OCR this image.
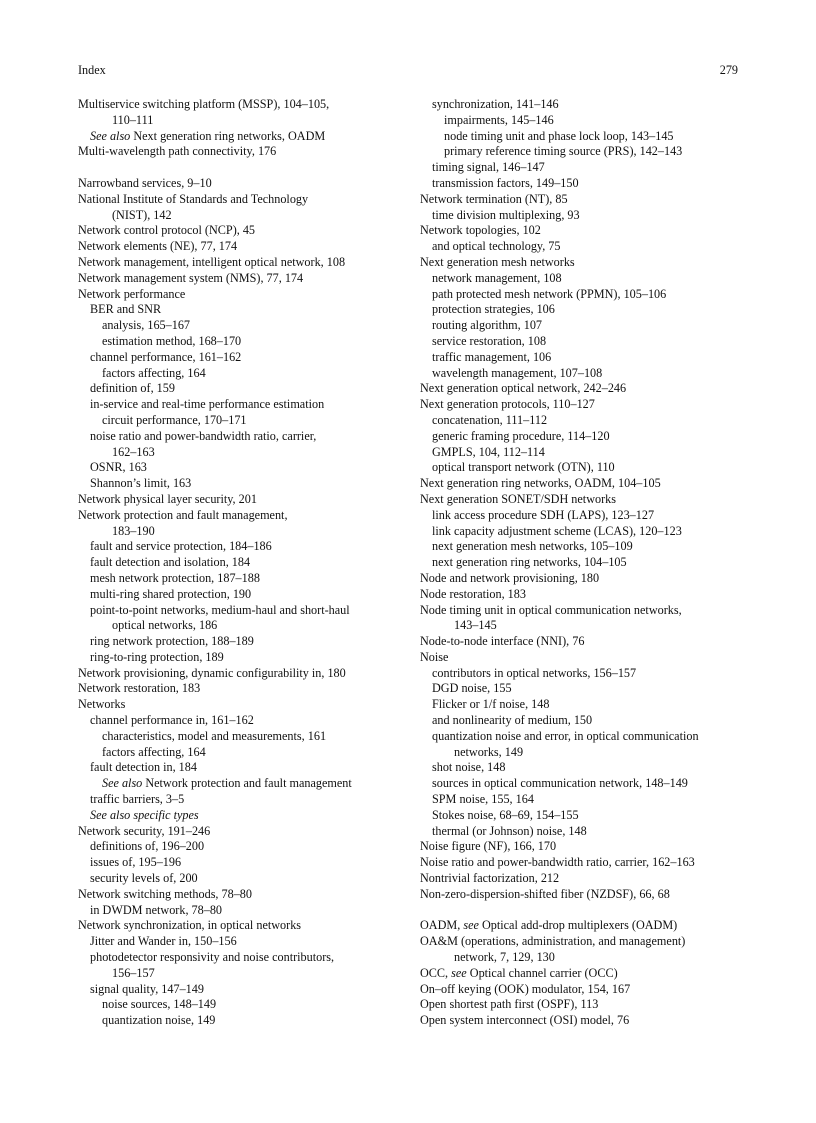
Index	279
Multiservice switching platform (MSSP), 104–105,
110–111
See also Next generation ring networks, OADM
Multi-wavelength path connectivity, 176
Narrowband services, 9–10
National Institute of Standards and Technology
(NIST), 142
Network control protocol (NCP), 45
Network elements (NE), 77, 174
Network management, intelligent optical network, 108
Network management system (NMS), 77, 174
Network performance
BER and SNR
analysis, 165–167
estimation method, 168–170
channel performance, 161–162
factors affecting, 164
definition of, 159
in-service and real-time performance estimation
circuit performance, 170–171
noise ratio and power-bandwidth ratio, carrier,
162–163
OSNR, 163
Shannon’s limit, 163
Network physical layer security, 201
Network protection and fault management,
183–190
fault and service protection, 184–186
fault detection and isolation, 184
mesh network protection, 187–188
multi-ring shared protection, 190
point-to-point networks, medium-haul and short-haul
optical networks, 186
ring network protection, 188–189
ring-to-ring protection, 189
Network provisioning, dynamic configurability in, 180
Network restoration, 183
Networks
channel performance in, 161–162
characteristics, model and measurements, 161
factors affecting, 164
fault detection in, 184
See also Network protection and fault management
traffic barriers, 3–5
See also specific types
Network security, 191–246
definitions of, 196–200
issues of, 195–196
security levels of, 200
Network switching methods, 78–80
in DWDM network, 78–80
Network synchronization, in optical networks
Jitter and Wander in, 150–156
photodetector responsivity and noise contributors,
156–157
signal quality, 147–149
noise sources, 148–149
quantization noise, 149
synchronization, 141–146
impairments, 145–146
node timing unit and phase lock loop, 143–145
primary reference timing source (PRS), 142–143
timing signal, 146–147
transmission factors, 149–150
Network termination (NT), 85
time division multiplexing, 93
Network topologies, 102
and optical technology, 75
Next generation mesh networks
network management, 108
path protected mesh network (PPMN), 105–106
protection strategies, 106
routing algorithm, 107
service restoration, 108
traffic management, 106
wavelength management, 107–108
Next generation optical network, 242–246
Next generation protocols, 110–127
concatenation, 111–112
generic framing procedure, 114–120
GMPLS, 104, 112–114
optical transport network (OTN), 110
Next generation ring networks, OADM, 104–105
Next generation SONET/SDH networks
link access procedure SDH (LAPS), 123–127
link capacity adjustment scheme (LCAS), 120–123
next generation mesh networks, 105–109
next generation ring networks, 104–105
Node and network provisioning, 180
Node restoration, 183
Node timing unit in optical communication networks,
143–145
Node-to-node interface (NNI), 76
Noise
contributors in optical networks, 156–157
DGD noise, 155
Flicker or 1/f noise, 148
and nonlinearity of medium, 150
quantization noise and error, in optical communication
networks, 149
shot noise, 148
sources in optical communication network, 148–149
SPM noise, 155, 164
Stokes noise, 68–69, 154–155
thermal (or Johnson) noise, 148
Noise figure (NF), 166, 170
Noise ratio and power-bandwidth ratio, carrier, 162–163
Nontrivial factorization, 212
Non-zero-dispersion-shifted fiber (NZDSF), 66, 68
OADM, see Optical add-drop multiplexers (OADM)
OA&M (operations, administration, and management)
network, 7, 129, 130
OCC, see Optical channel carrier (OCC)
On–off keying (OOK) modulator, 154, 167
Open shortest path first (OSPF), 113
Open system interconnect (OSI) model, 76
